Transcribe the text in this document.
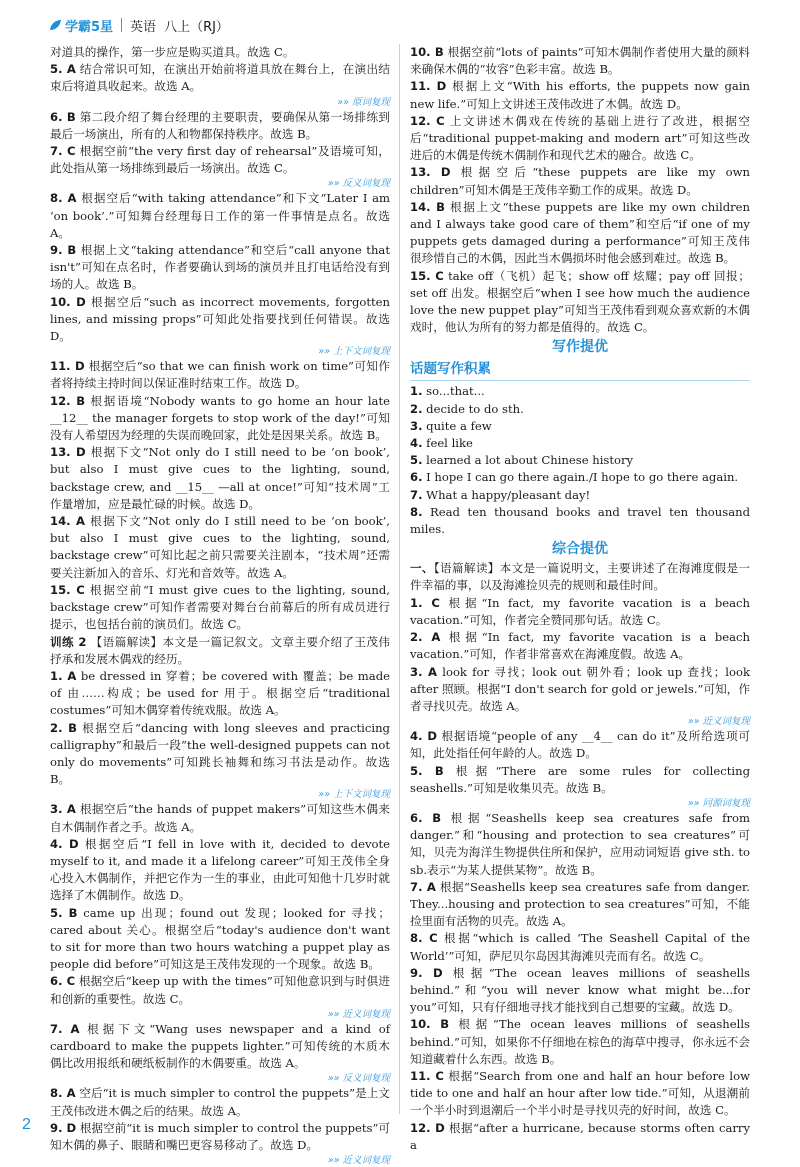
学霸5星 英语 八上（RJ）

对道具的操作，第一步应是购买道具。故选 C。

5. A 结合常识可知，在演出开始前将道具放在舞台上，在演出结束后将道具收起来。故选 A。

»» 原词复现

6. B 第二段介绍了舞台经理的主要职责，要确保从第一场排练到最后一场演出，所有的人和物都保持秩序。故选 B。

7. C 根据空前“the very first day of rehearsal”及语境可知，此处指从第一场排练到最后一场演出。故选 C。

»» 反义词复现

8. A 根据空后“with taking attendance”和下文“Later I am ‘on book’.”可知舞台经理每日工作的第一件事情是点名。故选 A。

9. B 根据上文“taking attendance”和空后“call anyone that isn't”可知在点名时，作者要确认到场的演员并且打电话给没有到场的人。故选 B。

10. D 根据空后“such as incorrect movements, forgotten lines, and missing props”可知此处指要找到任何错误。故选 D。

»» 上下文词复现

11. D 根据空后“so that we can finish work on time”可知作者将持续主持时间以保证准时结束工作。故选 D。

12. B 根据语境“Nobody wants to go home an hour late __12__ the manager forgets to stop work of the day!”可知没有人希望因为经理的失误而晚回家，此处是因果关系。故选 B。

13. D 根据下文“Not only do I still need to be ‘on book’, but also I must give cues to the lighting, sound, backstage crew, and __15__ —all at once!”可知“技术周”工作量增加，应是最忙碌的时候。故选 D。

14. A 根据下文“Not only do I still need to be ‘on book’, but also I must give cues to the lighting, sound, backstage crew”可知比起之前只需要关注剧本，“技术周”还需要关注新加入的音乐、灯光和音效等。故选 A。

15. C 根据空前“I must give cues to the lighting, sound, backstage crew”可知作者需要对舞台台前幕后的所有成员进行提示，也包括台前的演员们。故选 C。

训练 2 【语篇解读】本文是一篇记叙文。文章主要介绍了王茂伟抒承和发展木偶戏的经历。

1. A be dressed in 穿着；be covered with 覆盖；be made of 由……构成；be used for 用于。根据空后“traditional costumes”可知木偶穿着传统戏服。故选 A。

2. B 根据空后“dancing with long sleeves and practicing calligraphy”和最后一段“the well-designed puppets can not only do movements”可知跳长袖舞和练习书法是动作。故选 B。

»» 上下文词复现

3. A 根据空后“the hands of puppet makers”可知这些木偶来自木偶制作者之手。故选 A。

4. D 根据空后“I fell in love with it, decided to devote myself to it, and made it a lifelong career”可知王茂伟全身心投入木偶制作，并把它作为一生的事业，由此可知他十几岁时就选择了木偶制作。故选 D。

5. B came up 出现；found out 发现；looked for 寻找；cared about 关心。根据空后“today's audience don't want to sit for more than two hours watching a puppet play as people did before”可知这是王茂伟发现的一个现象。故选 B。

6. C 根据空后“keep up with the times”可知他意识到与时俱进和创新的重要性。故选 C。

»» 近义词复现

7. A 根据下文“Wang uses newspaper and a kind of cardboard to make the puppets lighter.”可知传统的木质木偶比改用报纸和硬纸板制作的木偶要重。故选 A。

»» 反义词复现

8. A 空后“it is much simpler to control the puppets”是上文王茂伟改进木偶之后的结果。故选 A。

9. D 根据空前“it is much simpler to control the puppets”可知木偶的鼻子、眼睛和嘴巴更容易移动了。故选 D。

»» 近义词复现

10. B 根据空前“lots of paints”可知木偶制作者使用大量的颜料来确保木偶的“妆容”色彩丰富。故选 B。

11. D 根据上文“With his efforts, the puppets now gain new life.”可知上文讲述王茂伟改进了木偶。故选 D。

12. C 上文讲述木偶戏在传统的基础上进行了改进，根据空后“traditional puppet-making and modern art”可知这些改进后的木偶是传统木偶制作和现代艺术的融合。故选 C。

13. D 根据空后“these puppets are like my own children”可知木偶是王茂伟辛勤工作的成果。故选 D。

14. B 根据上文“these puppets are like my own children and I always take good care of them”和空后“if one of my puppets gets damaged during a performance”可知王茂伟很珍惜自己的木偶，因此当木偶损坏时他会感到难过。故选 B。

15. C take off（飞机）起飞；show off 炫耀；pay off 回报；set off 出发。根据空后“when I see how much the audience love the new puppet play”可知当王茂伟看到观众喜欢新的木偶戏时，他认为所有的努力都是值得的。故选 C。

写作提优
话题写作积累

1. so...that...

2. decide to do sth.

3. quite a few

4. feel like

5. learned a lot about Chinese history

6. I hope I can go there again./I hope to go there again.

7. What a happy/pleasant day!

8. Read ten thousand books and travel ten thousand miles.

综合提优

一、【语篇解读】本文是一篇说明文，主要讲述了在海滩度假是一件幸福的事，以及海滩捡贝壳的规则和最佳时间。

1. C 根据“In fact, my favorite vacation is a beach vacation.”可知，作者完全赞同那句话。故选 C。

2. A 根据“In fact, my favorite vacation is a beach vacation.”可知，作者非常喜欢在海滩度假。故选 A。

3. A look for 寻找；look out 朝外看；look up 查找；look after 照顾。根据“I don't search for gold or jewels.”可知，作者寻找贝壳。故选 A。

»» 近义词复现

4. D 根据语境“people of any __4__ can do it”及所给选项可知，此处指任何年龄的人。故选 D。

5. B 根据“There are some rules for collecting seashells.”可知是收集贝壳。故选 B。

»» 同源词复现

6. B 根据“Seashells keep sea creatures safe from danger.”和“housing and protection to sea creatures”可知，贝壳为海洋生物提供住所和保护，应用动词短语 give sth. to sb.表示“为某人提供某物”。故选 B。

7. A 根据“Seashells keep sea creatures safe from danger. They...housing and protection to sea creatures”可知，不能捡里面有活物的贝壳。故选 A。

8. C 根据“which is called ‘The Seashell Capital of the World’”可知，萨尼贝尔岛因其海滩贝壳而有名。故选 C。

9. D 根据“The ocean leaves millions of seashells behind.”和“you will never know what might be...for you”可知，只有仔细地寻找才能找到自己想要的宝藏。故选 D。

10. B 根据“The ocean leaves millions of seashells behind.”可知，如果你不仔细地在棕色的海草中搜寻，你永远不会知道藏着什么东西。故选 B。

11. C 根据“Search from one and half an hour before low tide to one and half an hour after low tide.”可知，从退潮前一个半小时到退潮后一个半小时是寻找贝壳的好时间，故选 C。

12. D 根据“after a hurricane, because storms often carry a

2
